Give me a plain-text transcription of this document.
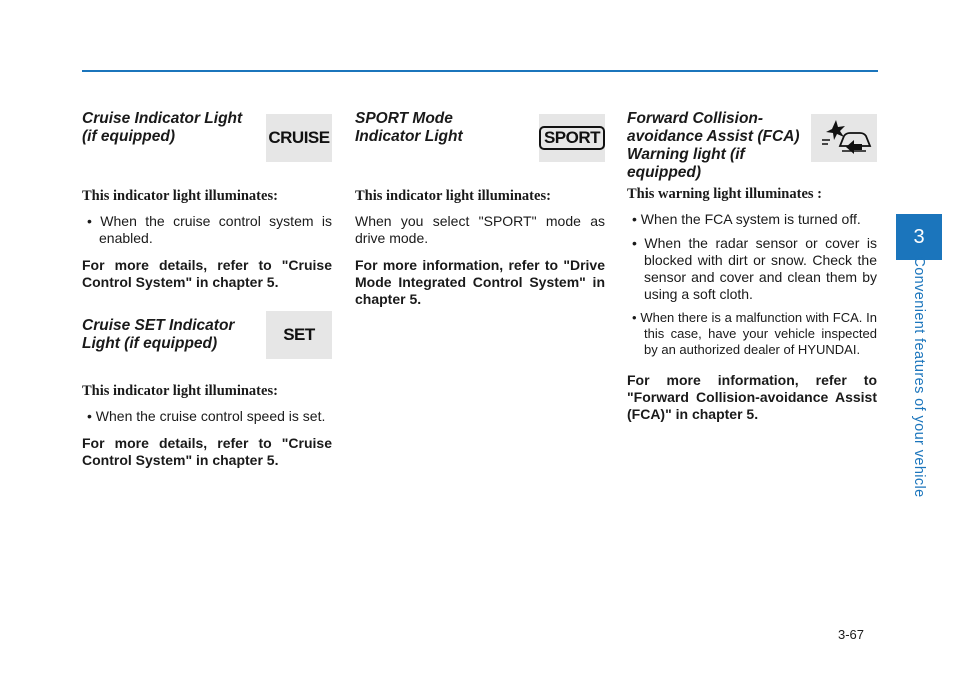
Cruise Indicator Light (if equipped)	CRUISE
This indicator light illuminates:
• When the cruise control system is enabled.
For more details, refer to "Cruise Control System" in chapter 5.
Cruise SET Indicator Light (if equipped)	SET
This indicator light illuminates:
• When the cruise control speed is set.
For more details, refer to "Cruise Control System" in chapter 5.
SPORT Mode Indicator Light	SPORT
This indicator light illuminates:
When you select "SPORT" mode as drive mode.
For more information, refer to "Drive Mode Integrated Control System" in chapter 5.
Forward Collision-avoidance Assist (FCA) Warning light (if equipped)
This warning light illuminates :
• When the FCA system is turned off.
• When the radar sensor or cover is blocked with dirt or snow. Check the sensor and cover and clean them by using a soft cloth.
• When there is a malfunction with FCA. In this case, have your vehicle inspected by an authorized dealer of HYUNDAI.
For more information, refer to "Forward Collision-avoidance Assist (FCA)" in chapter 5.
3
Convenient features of your vehicle
3-67
